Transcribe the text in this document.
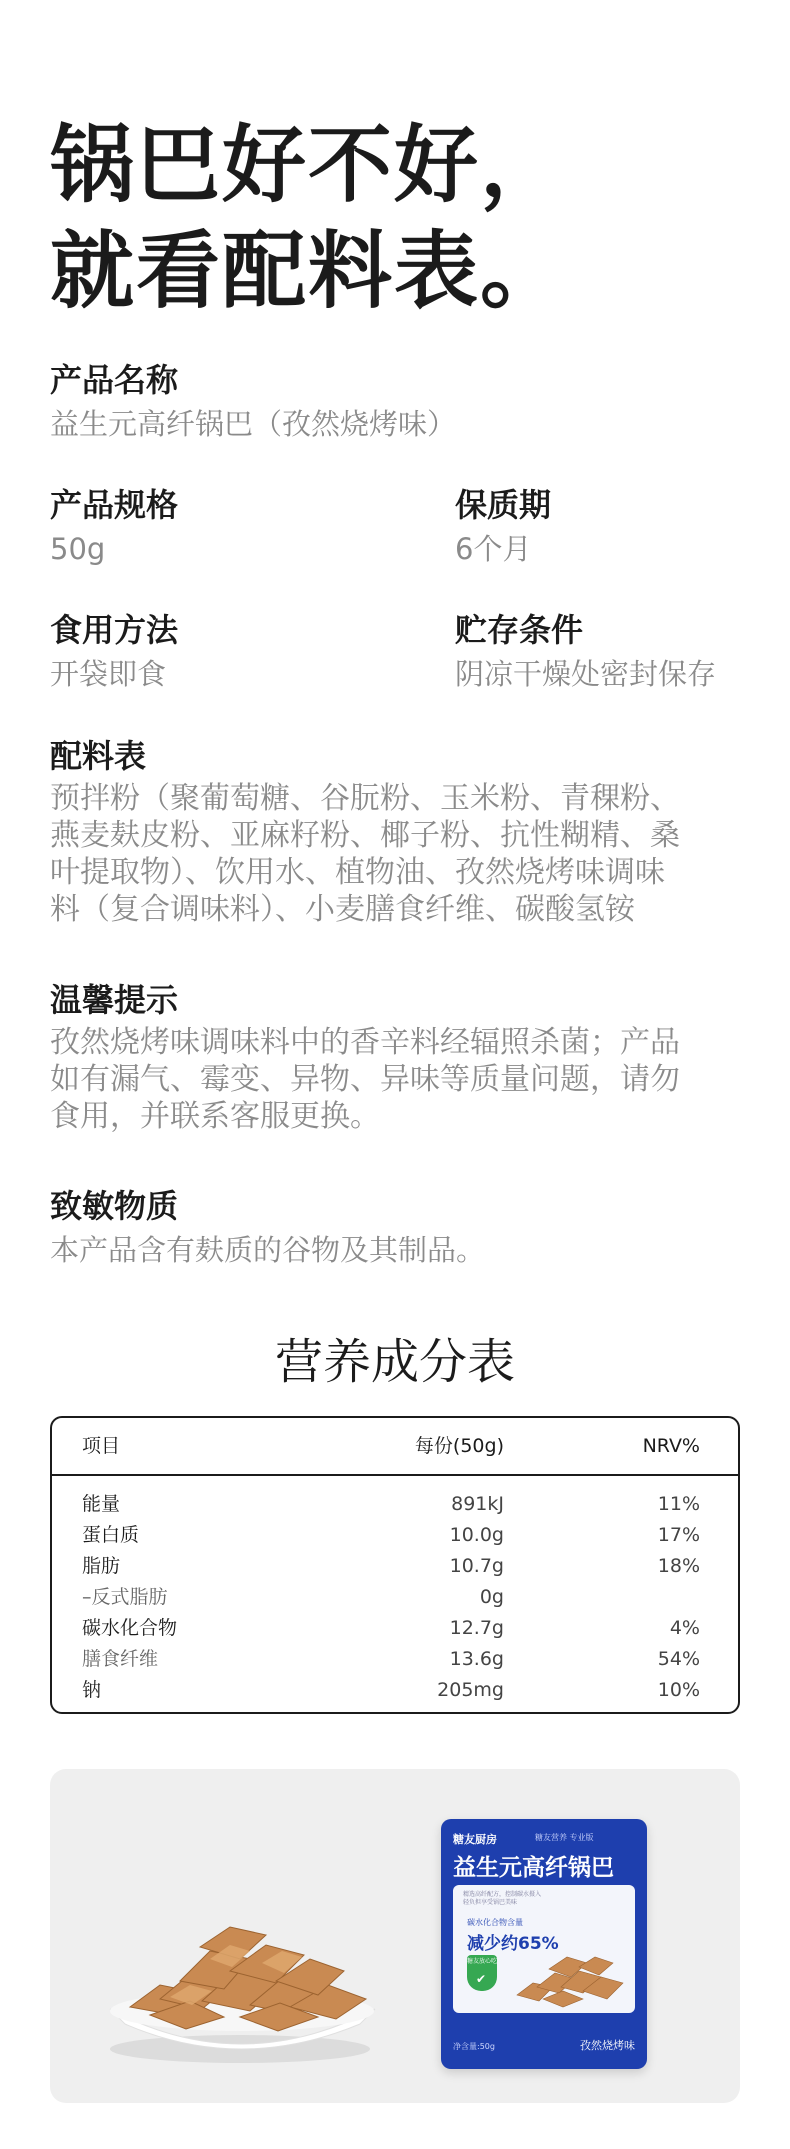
锅巴好不好，
就看配料表。
产品名称
益生元高纤锅巴（孜然烧烤味）
产品规格
50g
保质期
6个月
食用方法
开袋即食
贮存条件
阴凉干燥处密封保存
配料表
预拌粉（聚葡萄糖、谷朊粉、玉米粉、青稞粉、
燕麦麸皮粉、亚麻籽粉、椰子粉、抗性糊精、桑
叶提取物）、饮用水、植物油、孜然烧烤味调味
料（复合调味料）、小麦膳食纤维、碳酸氢铵
温馨提示
孜然烧烤味调味料中的香辛料经辐照杀菌；产品
如有漏气、霉变、异物、异味等质量问题，请勿
食用，并联系客服更换。
致敏物质
本产品含有麸质的谷物及其制品。
营养成分表
项目	每份(50g)	NRV%
能量	891kJ	11%
蛋白质	10.0g	17%
脂肪	10.7g	18%
–反式脂肪	0g
碳水化合物	12.7g	4%
膳食纤维	13.6g	54%
钠	205mg	10%
糖友厨房	糖友营养 专业版
益生元高纤锅巴
精选高纤配方，控制碳水摄入
轻负担享受锅巴美味
碳水化合物含量
减少约65%
糖友放心吃
✔
净含量:50g	孜然烧烤味
